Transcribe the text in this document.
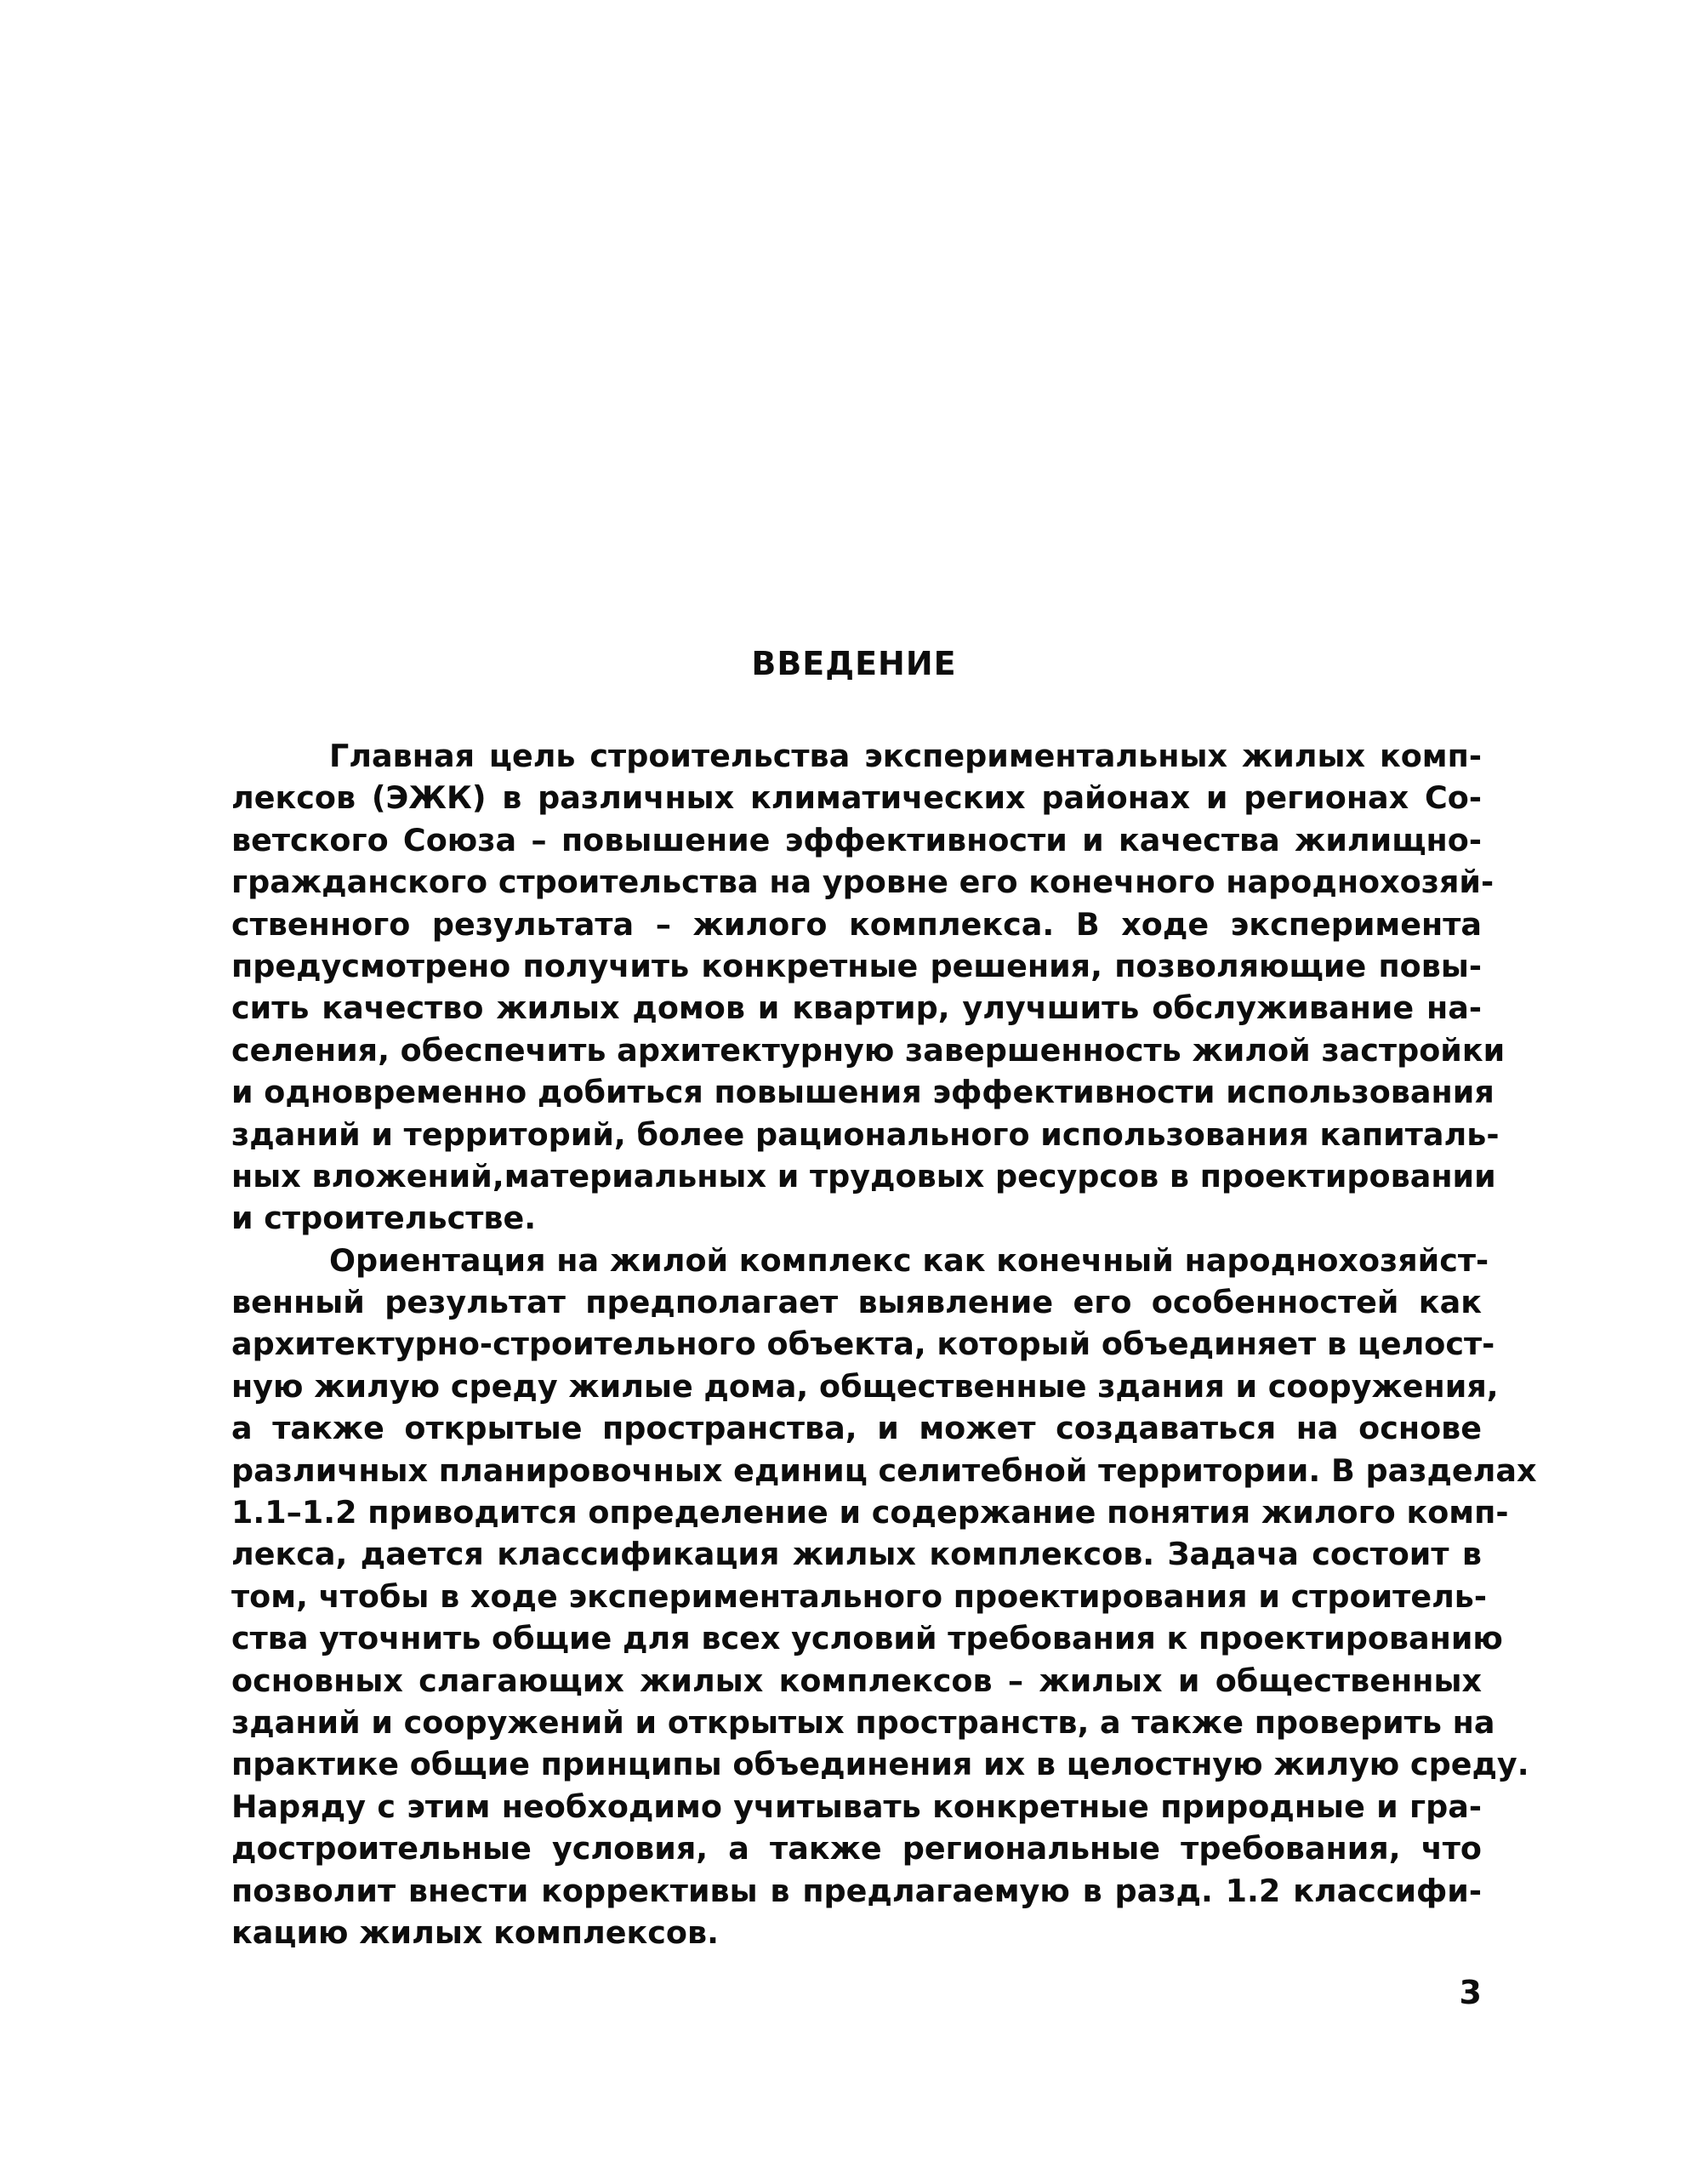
ВВЕДЕНИЕ
Главная цель строительства экспериментальных жилых комп-
лексов (ЭЖК) в различных климатических районах и регионах Со-
ветского Союза – повышение эффективности и качества жилищно-
гражданского строительства на уровне его конечного народнохозяй-
ственного результата – жилого комплекса. В ходе эксперимента
предусмотрено получить конкретные решения, позволяющие повы-
сить качество жилых домов и квартир, улучшить обслуживание на-
селения, обеспечить архитектурную завершенность жилой застройки
и одновременно добиться повышения эффективности использования
зданий и территорий, более рационального использования капиталь-
ных вложений,материальных и трудовых ресурсов в проектировании
и строительстве.
Ориентация на жилой комплекс как конечный народнохозяйст-
венный результат предполагает выявление его особенностей как
архитектурно-строительного объекта, который объединяет в целост-
ную жилую среду жилые дома, общественные здания и сооружения,
а также открытые пространства, и может создаваться на основе
различных планировочных единиц селитебной территории. В разделах
1.1–1.2 приводится определение и содержание понятия жилого комп-
лекса, дается классификация жилых комплексов. Задача состоит в
том, чтобы в ходе экспериментального проектирования и строитель-
ства уточнить общие для всех условий требования к проектированию
основных слагающих жилых комплексов – жилых и общественных
зданий и сооружений и открытых пространств, а также проверить на
практике общие принципы объединения их в целостную жилую среду.
Наряду с этим необходимо учитывать конкретные природные и гра-
достроительные условия, а также региональные требования, что
позволит внести коррективы в предлагаемую в разд. 1.2 классифи-
кацию жилых комплексов.
3
